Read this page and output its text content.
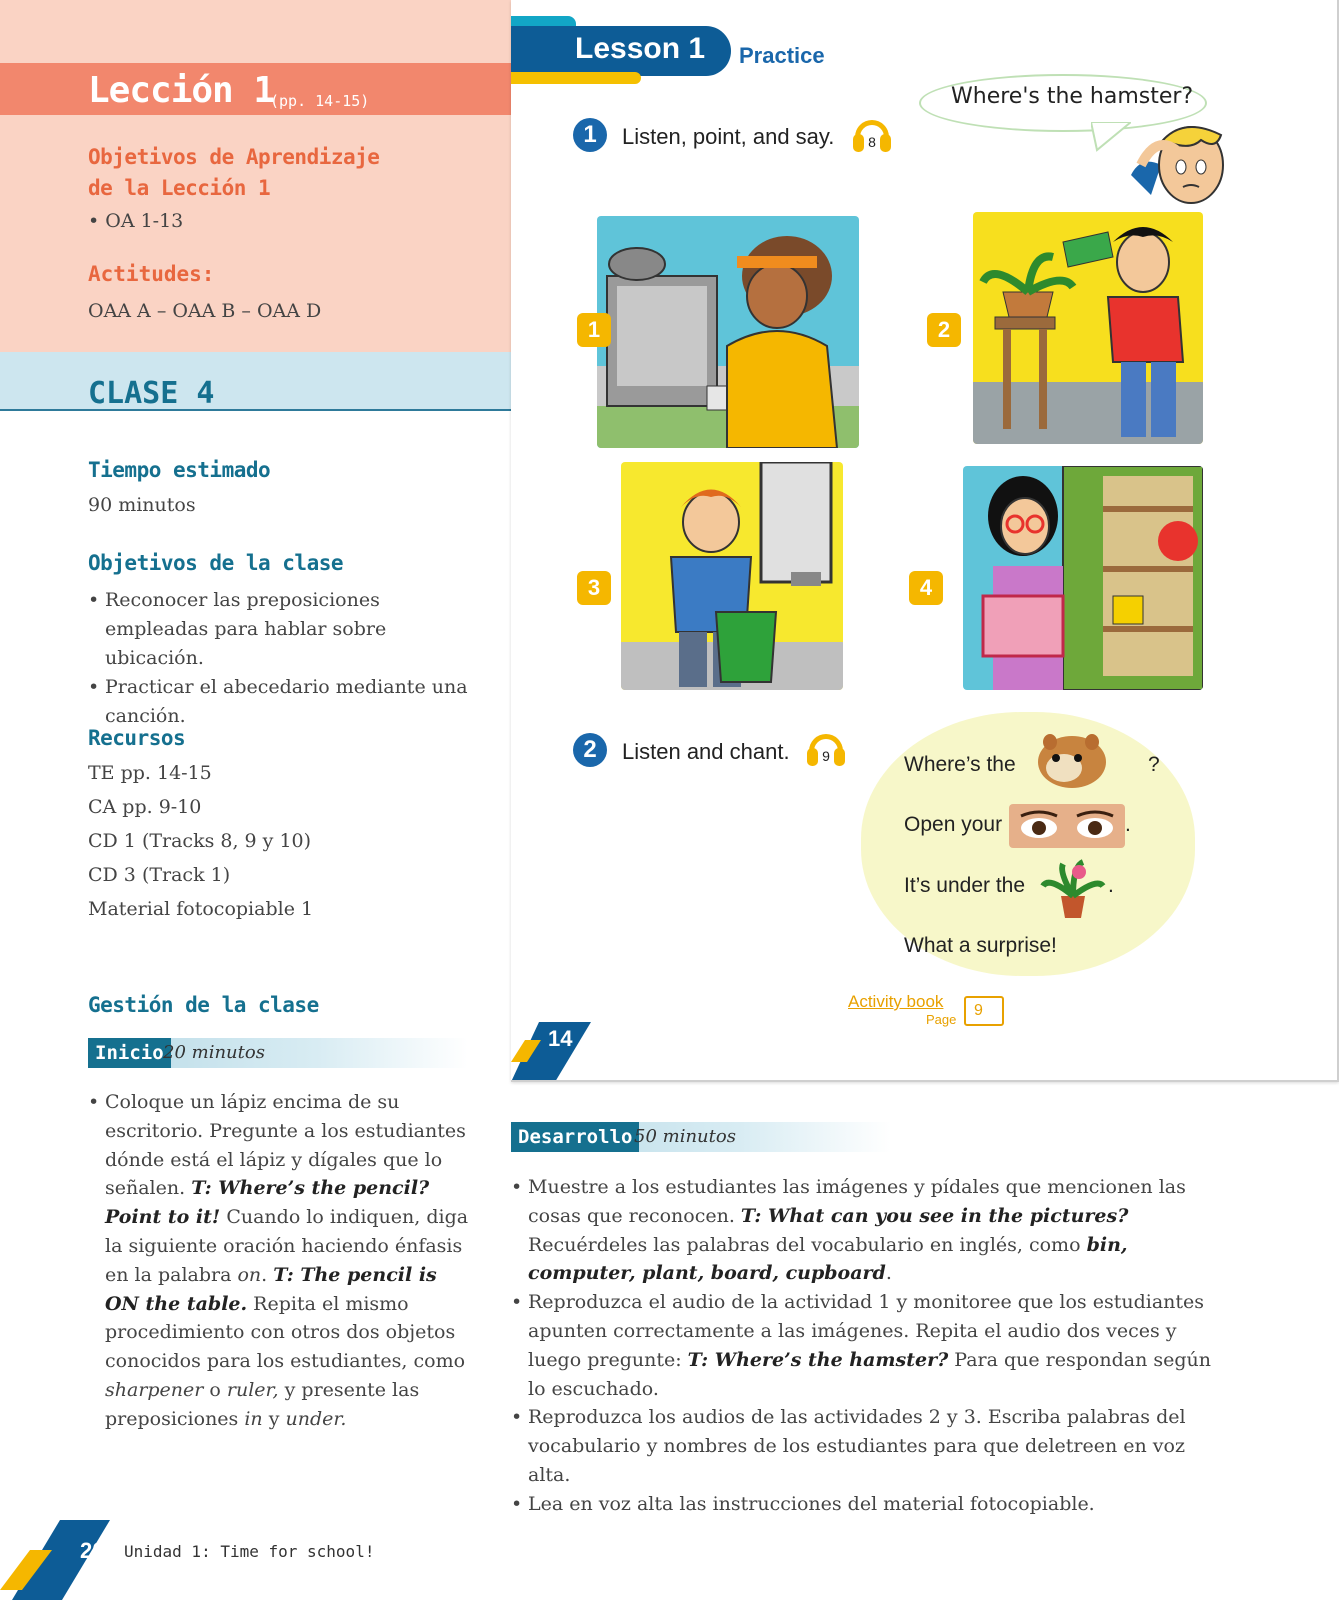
Lección 1
(pp. 14-15)
Objetivos de Aprendizaje
de la Lección 1
• OA 1-13
Actitudes:
OAA A – OAA B – OAA D
CLASE 4
Tiempo estimado
90 minutos
Objetivos de la clase
• Reconocer las preposiciones empleadas para hablar sobre ubicación.
• Practicar el abecedario mediante una canción.
Recursos
TE pp. 14-15
CA pp. 9-10
CD 1 (Tracks 8, 9 y 10)
CD 3 (Track 1)
Material fotocopiable 1
Gestión de la clase
Inicio 20 minutos
• Coloque un lápiz encima de su escritorio. Pregunte a los estudiantes dónde está el lápiz y dígales que lo señalen. T: Where’s the pencil? Point to it! Cuando lo indiquen, diga la siguiente oración haciendo énfasis en la palabra on. T: The pencil is ON the table. Repita el mismo procedimiento con otros dos objetos conocidos para los estudiantes, como sharpener o ruler, y presente las preposiciones in y under.
Desarrollo 50 minutos
• Muestre a los estudiantes las imágenes y pídales que mencionen las cosas que reconocen. T: What can you see in the pictures? Recuérdeles las palabras del vocabulario en inglés, como bin, computer, plant, board, cupboard.
• Reproduzca el audio de la actividad 1 y monitoree que los estudiantes apunten correctamente a las imágenes. Repita el audio dos veces y luego pregunte: T: Where’s the hamster? Para que respondan según lo escuchado.
• Reproduzca los audios de las actividades 2 y 3. Escriba palabras del vocabulario y nombres de los estudiantes para que deletreen en voz alta.
• Lea en voz alta las instrucciones del material fotocopiable.
Lesson 1 Practice
Where's the hamster?
1	Listen, point, and say. 8
1	2
3	4
2	Listen and chant. 9	Where’s the	?
Open your	.
It’s under the	.
What a surprise!
Activity book
Page
9
14
20 Unidad 1: Time for school!
